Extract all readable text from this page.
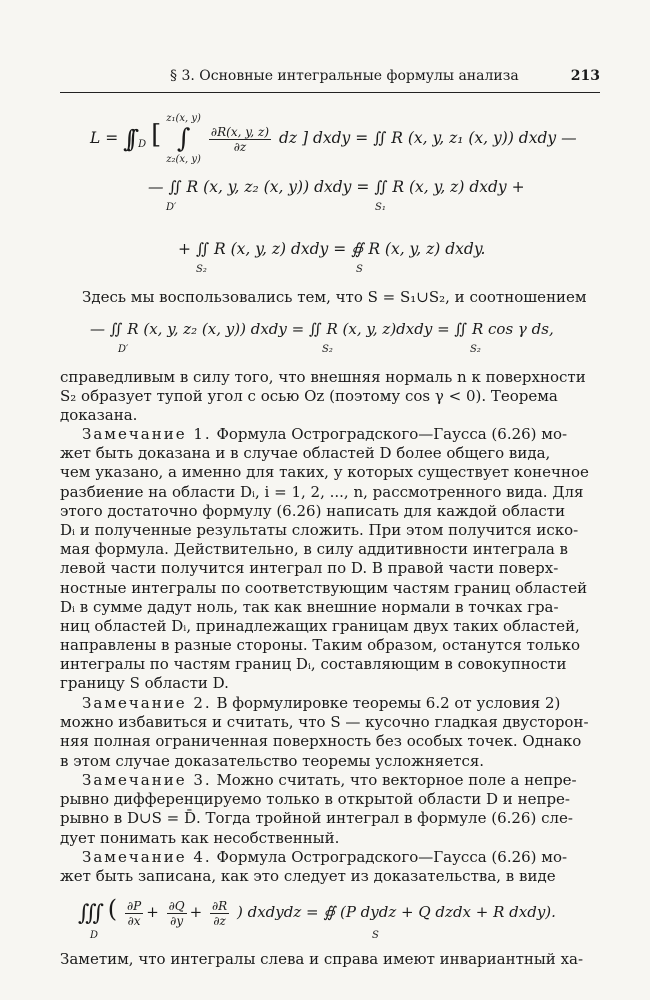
§ 3. Основные интегральные формулы анализа	213
L = ∫∫ $_D$ [
z₁(x, y)
∫
z₂(x, y)

$\frac{\partial R(x, y, z)}{\partial z}$ dz ] dxdy = ∬ R (x, y, z₁ (x, y)) dxdy —
— ∬ R (x, y, z₂ (x, y)) dxdy = ∬ R (x, y, z) dxdy +
D′	S₁
+ ∬ R (x, y, z) dxdy = ∯ R (x, y, z) dxdy.
S₂	S
Здесь мы воспользовались тем, что S = S₁∪S₂, и соотношением
— ∬ R (x, y, z₂ (x, y)) dxdy = ∬ R (x, y, z)dxdy = ∬ R cos γ ds,
D′	S₂	S₂
справедливым в силу того, что внешняя нормаль n к поверхности
S₂ образует тупой угол с осью Oz (поэтому cos γ < 0). Теорема
доказана.
Замечание 1. Формула Остроградского—Гаусса (6.26) мо-
жет быть доказана и в случае областей D более общего вида,
чем указано, а именно для таких, у которых существует конечное
разбиение на области Dᵢ, i = 1, 2, ..., n, рассмотренного вида. Для
этого достаточно формулу (6.26) написать для каждой области
Dᵢ и полученные результаты сложить. При этом получится иско-
мая формула. Действительно, в силу аддитивности интеграла в
левой части получится интеграл по D. В правой части поверх-
ностные интегралы по соответствующим частям границ областей
Dᵢ в сумме дадут ноль, так как внешние нормали в точках гра-
ниц областей Dᵢ, принадлежащих границам двух таких областей,
направлены в разные стороны. Таким образом, останутся только
интегралы по частям границ Dᵢ, составляющим в совокупности
границу S области D.
Замечание 2. В формулировке теоремы 6.2 от условия 2)
можно избавиться и считать, что S — кусочно гладкая двусторон-
няя полная ограниченная поверхность без особых точек. Однако
в этом случае доказательство теоремы усложняется.
Замечание 3. Можно считать, что векторное поле a непре-
рывно дифференцируемо только в открытой области D и непре-
рывно в D∪S = D̄. Тогда тройной интеграл в формуле (6.26) сле-
дует понимать как несобственный.
Замечание 4. Формула Остроградского—Гаусса (6.26) мо-
жет быть записана, как это следует из доказательства, в виде
∭ ( $\frac{\partial P}{\partial x} + \frac{\partial Q}{\partial y} + \frac{\partial R}{\partial z}$ ) dxdydz = ∯ (P dydz + Q dzdx + R dxdy).
D	S
Заметим, что интегралы слева и справа имеют инвариантный ха-
